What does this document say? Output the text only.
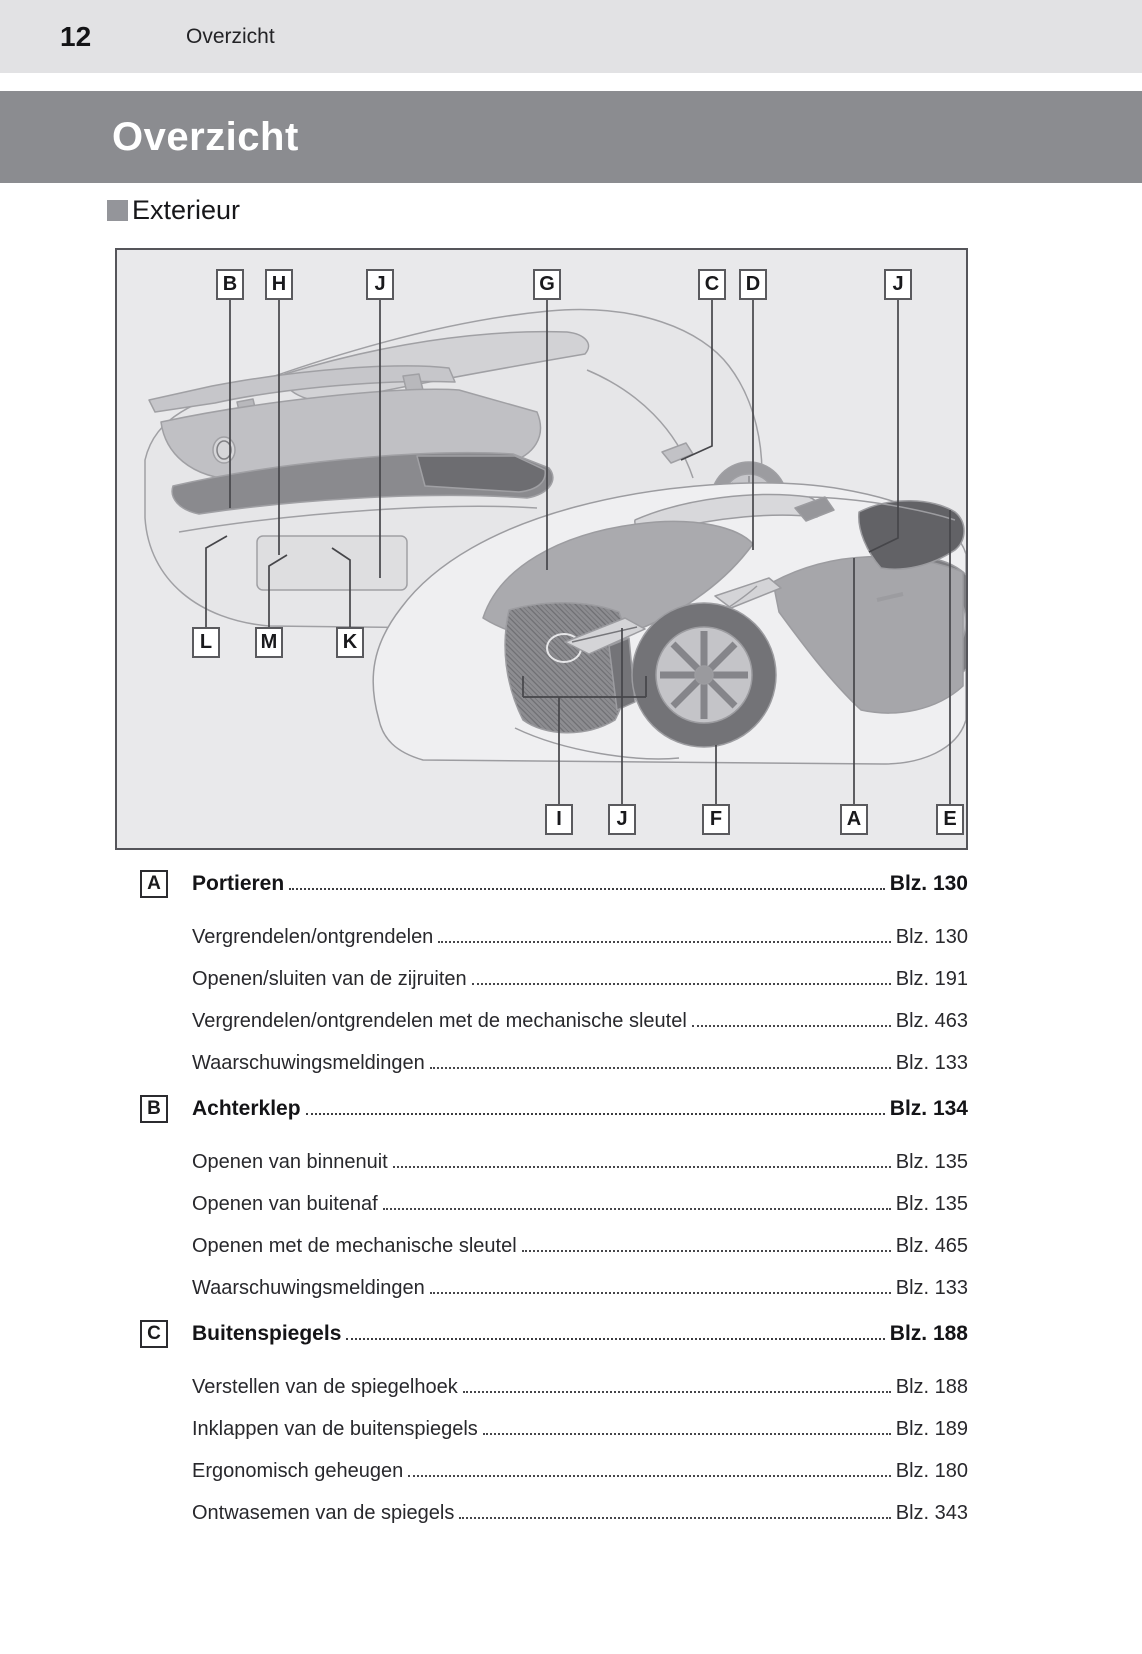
12	Overzicht
Overzicht
Exterieur
B	H	J	G	C	D	J
L	M	K
I	J	F	A	E
A	Portieren	Blz. 130
Vergrendelen/ontgrendelen	Blz. 130
Openen/sluiten van de zijruiten	Blz. 191
Vergrendelen/ontgrendelen met de mechanische sleutel	Blz. 463
Waarschuwingsmeldingen	Blz. 133
B	Achterklep	Blz. 134
Openen van binnenuit	Blz. 135
Openen van buitenaf	Blz. 135
Openen met de mechanische sleutel	Blz. 465
Waarschuwingsmeldingen	Blz. 133
C	Buitenspiegels	Blz. 188
Verstellen van de spiegelhoek	Blz. 188
Inklappen van de buitenspiegels	Blz. 189
Ergonomisch geheugen	Blz. 180
Ontwasemen van de spiegels	Blz. 343
